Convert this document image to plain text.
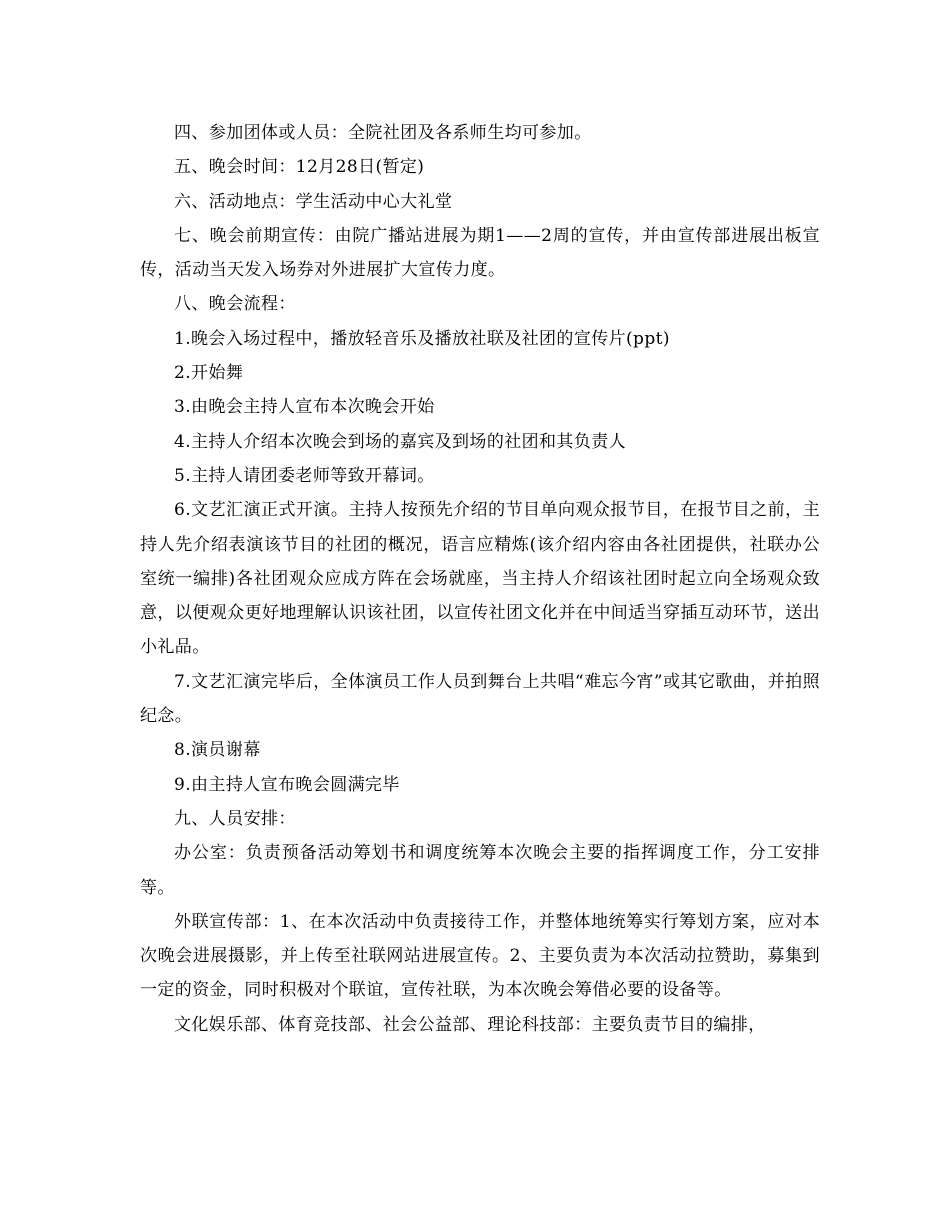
四、参加团体或人员：全院社团及各系师生均可参加。

五、晚会时间：12月28日(暂定)

六、活动地点：学生活动中心大礼堂

七、晚会前期宣传：由院广播站进展为期1——2周的宣传，并由宣传部进展出板宣传，活动当天发入场券对外进展扩大宣传力度。

八、晚会流程：

1.晚会入场过程中，播放轻音乐及播放社联及社团的宣传片(ppt)

2.开始舞

3.由晚会主持人宣布本次晚会开始

4.主持人介绍本次晚会到场的嘉宾及到场的社团和其负责人

5.主持人请团委老师等致开幕词。

6.文艺汇演正式开演。主持人按预先介绍的节目单向观众报节目，在报节目之前，主持人先介绍表演该节目的社团的概况，语言应精炼(该介绍内容由各社团提供，社联办公室统一编排)各社团观众应成方阵在会场就座，当主持人介绍该社团时起立向全场观众致意，以便观众更好地理解认识该社团，以宣传社团文化并在中间适当穿插互动环节，送出小礼品。

7.文艺汇演完毕后，全体演员工作人员到舞台上共唱“难忘今宵”或其它歌曲，并拍照纪念。

8.演员谢幕

9.由主持人宣布晚会圆满完毕

九、人员安排：

办公室：负责预备活动筹划书和调度统筹本次晚会主要的指挥调度工作，分工安排等。

外联宣传部：1、在本次活动中负责接待工作，并整体地统筹实行筹划方案，应对本次晚会进展摄影，并上传至社联网站进展宣传。2、主要负责为本次活动拉赞助，募集到一定的资金，同时积极对个联谊，宣传社联，为本次晚会筹借必要的设备等。

文化娱乐部、体育竞技部、社会公益部、理论科技部：主要负责节目的编排，
